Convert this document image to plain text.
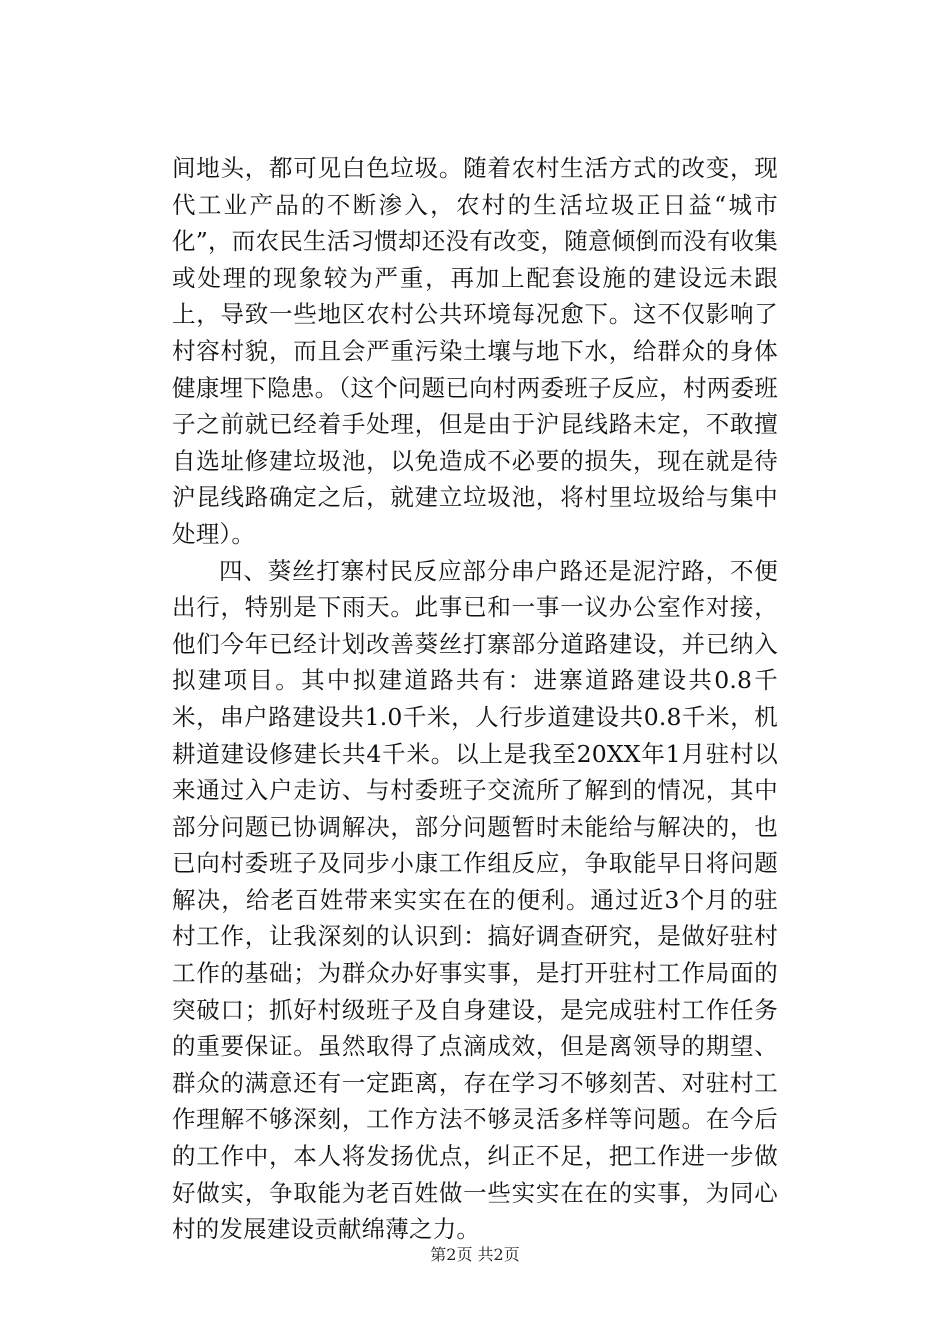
间地头，都可见白色垃圾。随着农村生活方式的改变，现代工业产品的不断渗入，农村的生活垃圾正日益“城市化”，而农民生活习惯却还没有改变，随意倾倒而没有收集或处理的现象较为严重，再加上配套设施的建设远未跟上，导致一些地区农村公共环境每况愈下。这不仅影响了村容村貌，而且会严重污染土壤与地下水，给群众的身体健康埋下隐患。（这个问题已向村两委班子反应，村两委班子之前就已经着手处理，但是由于沪昆线路未定，不敢擅自选址修建垃圾池，以免造成不必要的损失，现在就是待沪昆线路确定之后，就建立垃圾池，将村里垃圾给与集中处理）。

四、葵丝打寨村民反应部分串户路还是泥泞路，不便出行，特别是下雨天。此事已和一事一议办公室作对接，他们今年已经计划改善葵丝打寨部分道路建设，并已纳入拟建项目。其中拟建道路共有：进寨道路建设共0.8千米，串户路建设共1.0千米，人行步道建设共0.8千米，机耕道建设修建长共4千米。以上是我至20XX年1月驻村以来通过入户走访、与村委班子交流所了解到的情况，其中部分问题已协调解决，部分问题暂时未能给与解决的，也已向村委班子及同步小康工作组反应，争取能早日将问题解决，给老百姓带来实实在在的便利。通过近3个月的驻村工作，让我深刻的认识到：搞好调查研究，是做好驻村工作的基础；为群众办好事实事，是打开驻村工作局面的突破口；抓好村级班子及自身建设，是完成驻村工作任务的重要保证。虽然取得了点滴成效，但是离领导的期望、群众的满意还有一定距离，存在学习不够刻苦、对驻村工作理解不够深刻，工作方法不够灵活多样等问题。在今后的工作中，本人将发扬优点，纠正不足，把工作进一步做好做实，争取能为老百姓做一些实实在在的实事，为同心村的发展建设贡献绵薄之力。

第2页 共2页
